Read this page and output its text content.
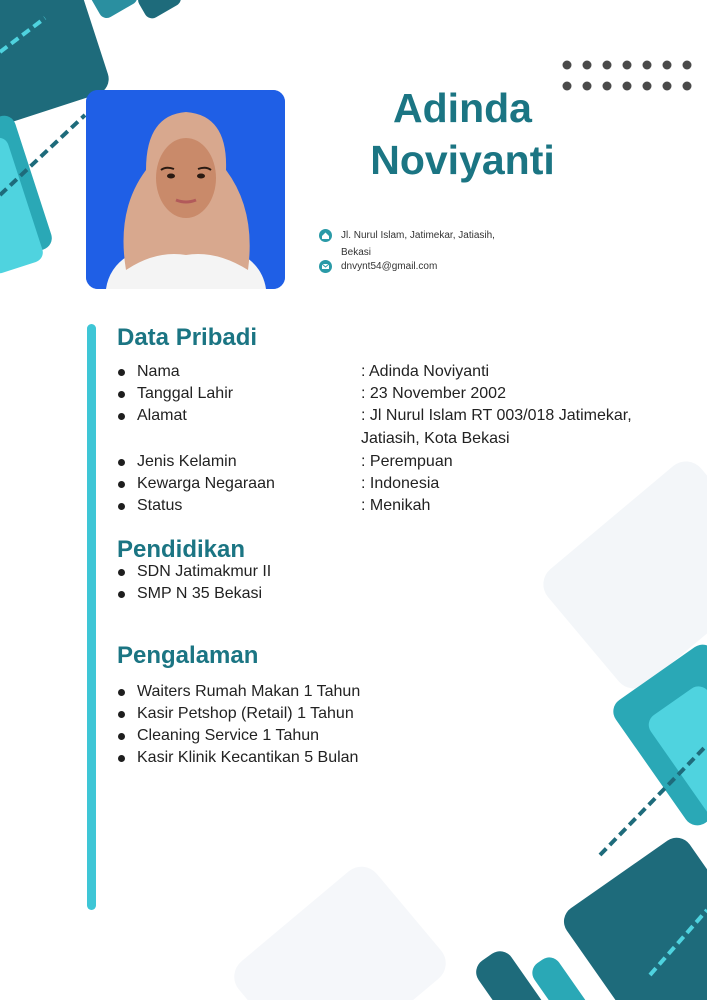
Adinda
Noviyanti
Jl. Nurul Islam, Jatimekar, Jatiasih,
Bekasi
dnvynt54@gmail.com
Data Pribadi
Nama	: Adinda Noviyanti
Tanggal Lahir	: 23 November 2002
Alamat	: Jl Nurul Islam RT 003/018 Jatimekar,
Jatiasih, Kota Bekasi
Jenis Kelamin	: Perempuan
Kewarga Negaraan	: Indonesia
Status	: Menikah
Pendidikan
SDN Jatimakmur II
SMP N 35 Bekasi
Pengalaman
Waiters Rumah Makan 1 Tahun
Kasir Petshop (Retail) 1 Tahun
Cleaning Service 1 Tahun
Kasir Klinik Kecantikan 5 Bulan
